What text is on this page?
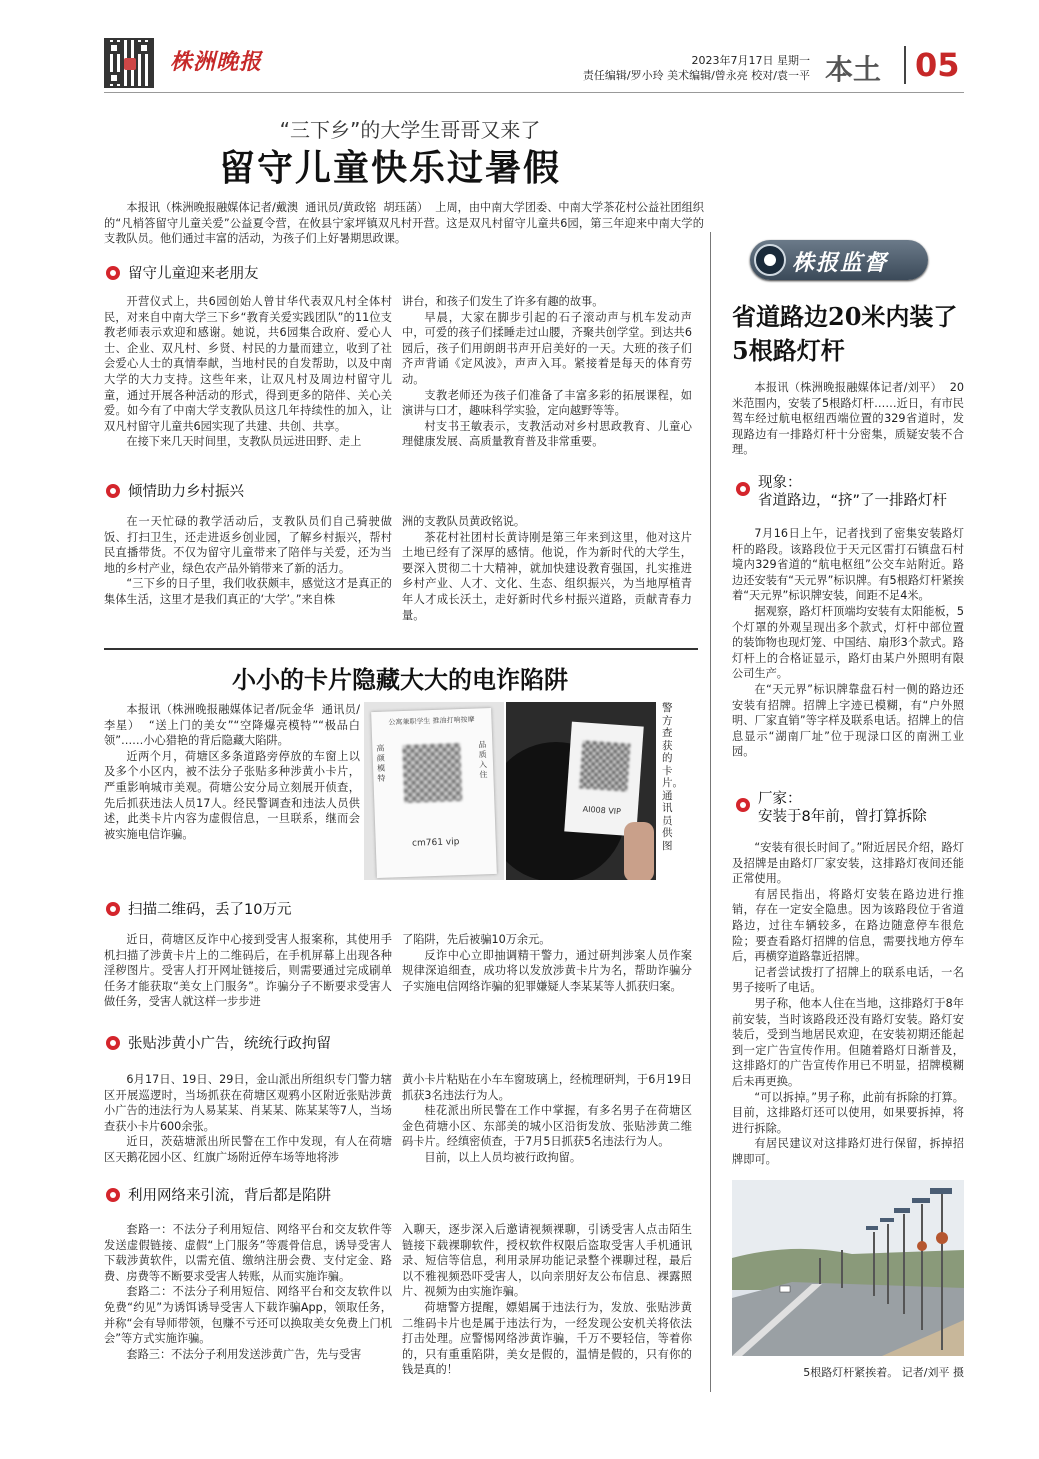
株洲晚报	2023年7月17日 星期一
责任编辑/罗小玲 美术编辑/曾永亮 校对/袁一平 本土 05
“三下乡”的大学生哥哥又来了
留守儿童快乐过暑假

本报讯（株洲晚报融媒体记者/戴澳  通讯员/黄政铭  胡珏菡）  上周，由中南大学团委、中南大学茶花村公益社团组织的“凡梢答留守儿童关爱”公益夏令营，在攸县宁家坪镇双凡村开营。这是双凡村留守儿童共6园，第三年迎来中南大学的支教队员。他们通过丰富的活动，为孩子们上好暑期思政课。

留守儿童迎来老朋友

开营仪式上，共6园创始人曾甘华代表双凡村全体村民，对来自中南大学三下乡“教育关爱实践团队”的11位支教老师表示欢迎和感谢。她说，共6园集合政府、爱心人士、企业、双凡村、乡贤、村民的力量而建立，收到了社会爱心人士的真情奉献，当地村民的自发帮助，以及中南大学的大力支持。这些年来，让双凡村及周边村留守儿童，通过开展各种活动的形式，得到更多的陪伴、关心关爱。如今有了中南大学支教队员这几年持续性的加入，让双凡村留守儿童共6园实现了共建、共创、共享。

在接下来几天时间里，支教队员远进田野、走上

讲台，和孩子们发生了许多有趣的故事。

早晨，大家在脚步引起的石子滚动声与机车发动声中，可爱的孩子们揉睡走过山腰，齐聚共创学堂。到达共6园后，孩子们用朗朗书声开启美好的一天。大班的孩子们齐声背诵《定风波》，声声入耳。紧接着是每天的体育劳动。

支教老师还为孩子们准备了丰富多彩的拓展课程，如演讲与口才，趣味科学实验，定向越野等等。

村支书王敏表示，支教活动对乡村思政教育、儿童心理健康发展、高质量教育普及非常重要。

倾情助力乡村振兴

在一天忙碌的教学活动后，支教队员们自己骑驶做饭、打扫卫生，还走进返乡创业园，了解乡村振兴，帮村民直播带货。不仅为留守儿童带来了陪伴与关爱，还为当地的乡村产业，绿色农产品外销带来了新的活力。

“三下乡的日子里，我们收获颇丰，感觉这才是真正的集体生活，这里才是我们真正的‘大学’。”来自株

洲的支教队员黄政铭说。

茶花村社团村长黄诗刚是第三年来到这里，他对这片土地已经有了深厚的感情。他说，作为新时代的大学生，要深入贯彻二十大精神，就加快建设教育强国，扎实推进乡村产业、人才、文化、生态、组织振兴，为当地厚植青年人才成长沃土，走好新时代乡村振兴道路，贡献青春力量。

小小的卡片隐藏大大的电诈陷阱

本报讯（株洲晚报融媒体记者/阮金华  通讯员/李星）  “送上门的美女”“空降爆亮模特”“极品白领”……小心猎艳的背后隐藏大陷阱。

近两个月，荷塘区多条道路旁停放的车窗上以及多个小区内，被不法分子张贴多种涉黄小卡片，严重影响城市美观。荷塘公安分局立刻展开侦查，先后抓获违法人员17人。经民警调查和违法人员供述，此类卡片内容为虚假信息，一旦联系，继而会被实施电信诈骗。

公寓兼职学生 推油打响按摩
高颜模特
品质入住
cm761 vip
AI008 VIP
警方查获的卡片。通讯员供图
扫描二维码，丢了10万元

近日，荷塘区反诈中心接到受害人报案称，其使用手机扫描了涉黄卡片上的二维码后，在手机屏幕上出现各种淫秽图片。受害人打开网址链接后，则需要通过完成刷单任务才能获取“美女上门服务”。诈骗分子不断要求受害人做任务，受害人就这样一步步进

了陷阱，先后被骗10万余元。

反诈中心立即抽调精干警力，通过研判涉案人员作案规律深追细查，成功将以发放涉黄卡片为名，帮助诈骗分子实施电信网络诈骗的犯罪嫌疑人李某某等人抓获归案。

张贴涉黄小广告，统统行政拘留

6月17日、19日、29日，金山派出所组织专门警力辖区开展巡逻时，当场抓获在荷塘区观鸦小区附近张贴涉黄小广告的违法行为人易某某、肖某某、陈某某等7人，当场查获小卡片600余张。

近日，茨菇塘派出所民警在工作中发现，有人在荷塘区天鹅花园小区、红旗广场附近停车场等地将涉

黄小卡片粘贴在小车车窗玻璃上，经梳理研判，于6月19日抓获3名违法行为人。

桂花派出所民警在工作中掌握，有多名男子在荷塘区金色荷塘小区、东部美的城小区沿街发放、张贴涉黄二维码卡片。经缜密侦查，于7月5日抓获5名违法行为人。

目前，以上人员均被行政拘留。

利用网络来引流，背后都是陷阱

套路一：不法分子利用短信、网络平台和交友软件等发送虚假链接、虚假“上门服务”等震骨信息，诱导受害人下载涉黄软件，以需充值、缴纳注册会费、支付定金、路费、房费等不断要求受害人转账，从而实施诈骗。

套路二：不法分子利用短信、网络平台和交友软件以免费“约见”为诱饵诱导受害人下载诈骗App，领取任务，并称“会有导师带领，包赚不亏还可以换取美女免费上门机会”等方式实施诈骗。

套路三：不法分子利用发送涉黄广告，先与受害

入聊天，逐步深入后邀请视频裸聊，引诱受害人点击陌生链接下载裸聊软件，授权软件权限后盗取受害人手机通讯录、短信等信息，利用录屏功能记录整个裸聊过程，最后以不雅视频恐吓受害人，以向亲朋好友公布信息、裸露照片、视频为由实施诈骗。

荷塘警方提醒，嫖娼属于违法行为，发放、张贴涉黄二维码卡片也是属于违法行为，一经发现公安机关将依法打击处理。应警惕网络涉黄诈骗，千万不要轻信，等着你的，只有重重陷阱，美女是假的，温情是假的，只有你的钱是真的！

株报监督
省道路边20米内装了5根路灯杆

本报讯（株洲晚报融媒体记者/刘平）  20米范围内，安装了5根路灯杆……近日，有市民驾车经过航电枢纽西端位置的329省道时，发现路边有一排路灯杆十分密集，质疑安装不合理。

现象：
省道路边，“挤”了一排路灯杆

7月16日上午，记者找到了密集安装路灯杆的路段。该路段位于天元区雷打石镇盘石村境内329省道的“航电枢纽”公交车站附近。路边还安装有“天元界”标识牌。有5根路灯杆紧挨着“天元界”标识牌安装，间距不足4米。

据观察，路灯杆顶端均安装有太阳能板，5个灯罩的外观呈现出多个款式，灯杆中部位置的装饰物也现灯笼、中国结、扇形3个款式。路灯杆上的合格证显示，路灯由某户外照明有限公司生产。

在“天元界”标识牌靠盘石村一侧的路边还安装有招牌。招牌上字迹已模糊，有“户外照明、厂家直销”等字样及联系电话。招牌上的信息显示“湖南厂址”位于现渌口区的南洲工业园。

厂家：
安装于8年前，曾打算拆除

“安装有很长时间了。”附近居民介绍，路灯及招牌是由路灯厂家安装，这排路灯夜间还能正常使用。

有居民指出，将路灯安装在路边进行推销，存在一定安全隐患。因为该路段位于省道路边，过往车辆较多，在路边随意停车很危险；要查看路灯招牌的信息，需要找地方停车后，再横穿道路靠近招牌。

记者尝试拨打了招牌上的联系电话，一名男子接听了电话。

男子称，他本人住在当地，这排路灯于8年前安装，当时该路段还没有路灯安装。路灯安装后，受到当地居民欢迎，在安装初期还能起到一定广告宣传作用。但随着路灯日渐普及，这排路灯的广告宣传作用已不明显，招牌模糊后未再更换。

“可以拆掉。”男子称，此前有拆除的打算。目前，这排路灯还可以使用，如果要拆掉，将进行拆除。

有居民建议对这排路灯进行保留，拆掉招牌即可。

5根路灯杆紧挨着。 记者/刘平 摄
